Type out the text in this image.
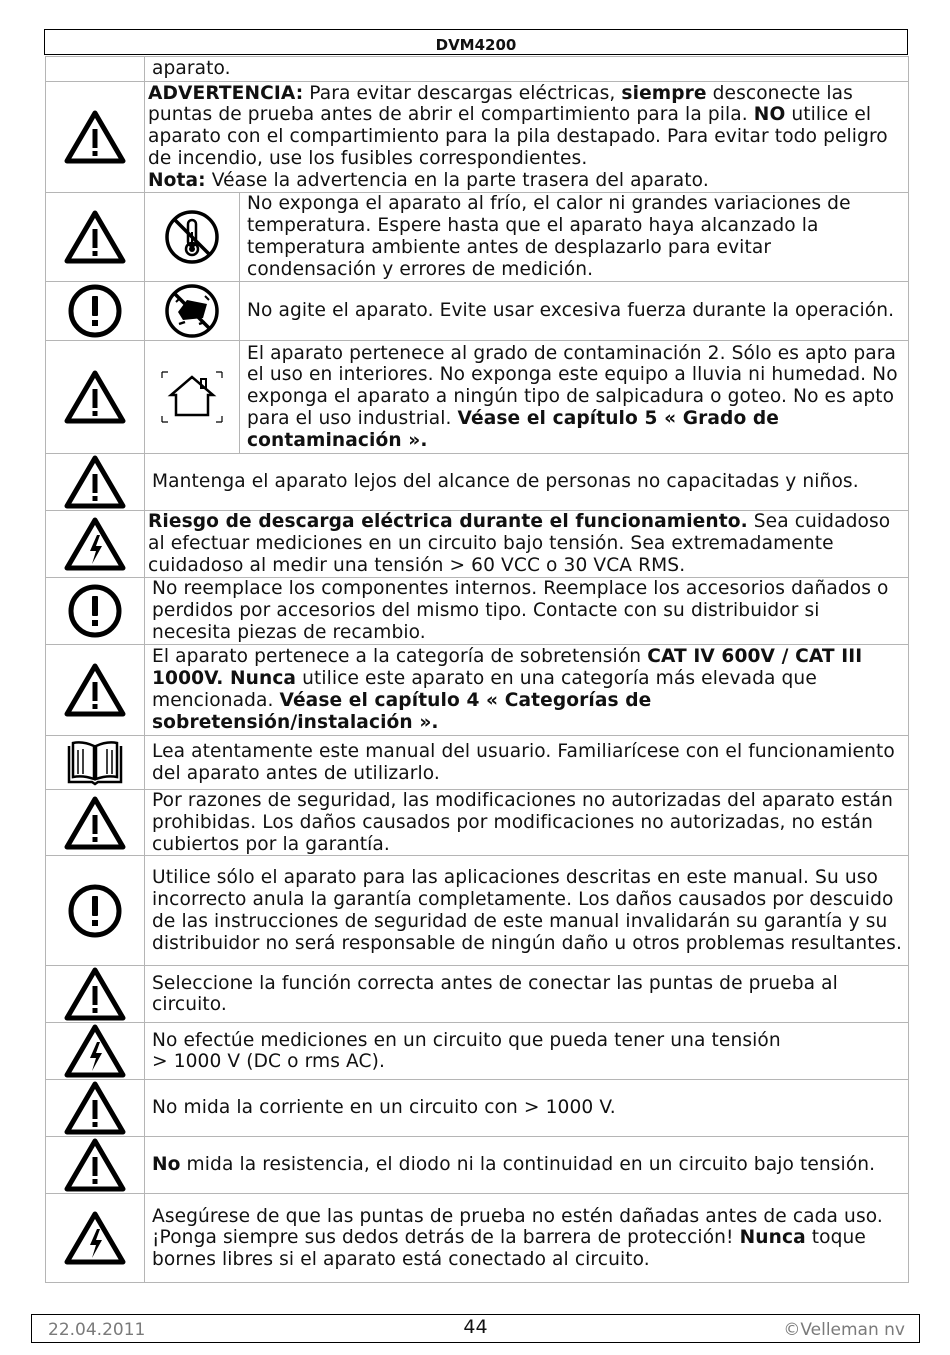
DVM4200

aparato.

ADVERTENCIA: Para evitar descargas eléctricas, siempre desconecte las puntas de prueba antes de abrir el compartimiento para la pila. NO utilice el aparato con el compartimiento para la pila destapado. Para evitar todo peligro de incendio, use los fusibles correspondientes.
Nota: Véase la advertencia en la parte trasera del aparato.

No exponga el aparato al frío, el calor ni grandes variaciones de temperatura. Espere hasta que el aparato haya alcanzado la temperatura ambiente antes de desplazarlo para evitar condensación y errores de medición.

No agite el aparato. Evite usar excesiva fuerza durante la operación.

El aparato pertenece al grado de contaminación 2. Sólo es apto para el uso en interiores. No exponga este equipo a lluvia ni humedad. No exponga el aparato a ningún tipo de salpicadura o goteo. No es apto para el uso industrial. Véase el capítulo 5 « Grado de contaminación ».

Mantenga el aparato lejos del alcance de personas no capacitadas y niños.

Riesgo de descarga eléctrica durante el funcionamiento. Sea cuidadoso al efectuar mediciones en un circuito bajo tensión. Sea extremadamente cuidadoso al medir una tensión > 60 VCC o 30 VCA RMS.

No reemplace los componentes internos. Reemplace los accesorios dañados o perdidos por accesorios del mismo tipo. Contacte con su distribuidor si necesita piezas de recambio.

El aparato pertenece a la categoría de sobretensión CAT IV 600V / CAT III 1000V. Nunca utilice este aparato en una categoría más elevada que mencionada. Véase el capítulo 4 « Categorías de sobretensión/instalación ».

Lea atentamente este manual del usuario. Familiarícese con el funcionamiento del aparato antes de utilizarlo.

Por razones de seguridad, las modificaciones no autorizadas del aparato están prohibidas. Los daños causados por modificaciones no autorizadas, no están cubiertos por la garantía.

Utilice sólo el aparato para las aplicaciones descritas en este manual. Su uso incorrecto anula la garantía completamente. Los daños causados por descuido de las instrucciones de seguridad de este manual invalidarán su garantía y su distribuidor no será responsable de ningún daño u otros problemas resultantes.

Seleccione la función correcta antes de conectar las puntas de prueba al circuito.

No efectúe mediciones en un circuito que pueda tener una tensión
> 1000 V (DC o rms AC).

No mida la corriente en un circuito con > 1000 V.

No mida la resistencia, el diodo ni la continuidad en un circuito bajo tensión.

Asegúrese de que las puntas de prueba no estén dañadas antes de cada uso.
¡Ponga siempre sus dedos detrás de la barrera de protección! Nunca toque bornes libres si el aparato está conectado al circuito.
22.04.2011	44	©Velleman nv
